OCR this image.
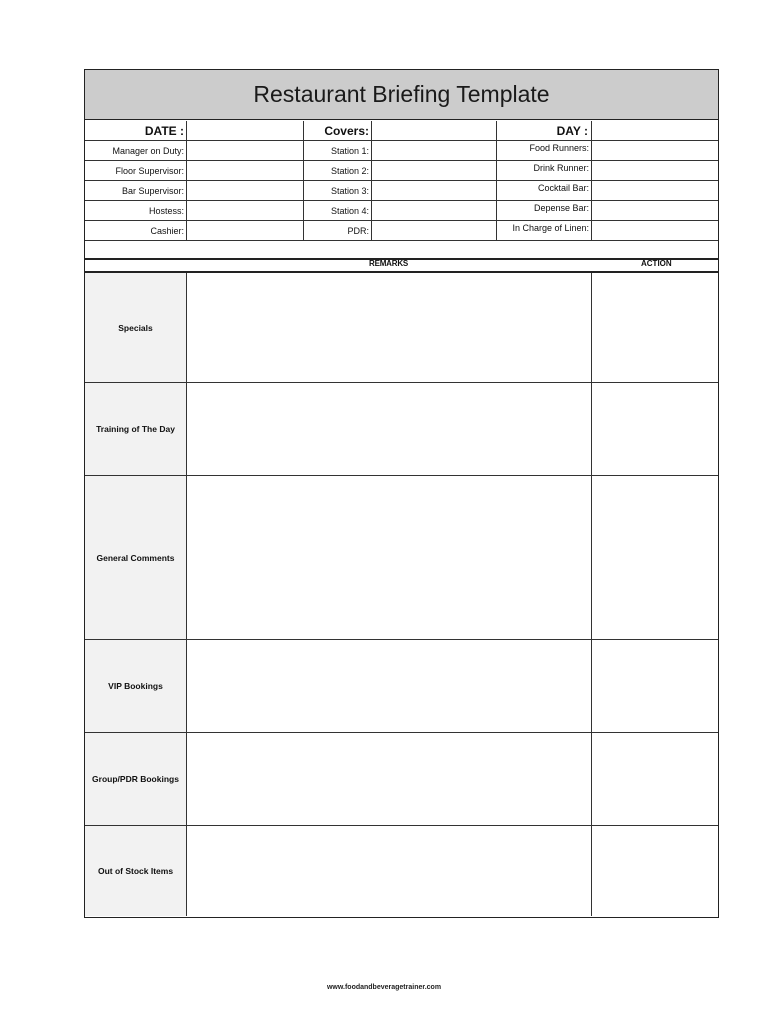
Restaurant Briefing Template
DATE :	Covers:	DAY :
Manager on Duty:	Station 1:	Food Runners:
Floor Supervisor:	Station 2:	Drink Runner:
Bar Supervisor:	Station 3:	Cocktail Bar:
Hostess:	Station 4:	Depense Bar:
Cashier:	PDR:	In Charge of Linen:
REMARKS	ACTION
Specials
Training of The Day
General Comments
VIP Bookings
Group/PDR Bookings
Out of Stock Items
www.foodandbeveragetrainer.com
